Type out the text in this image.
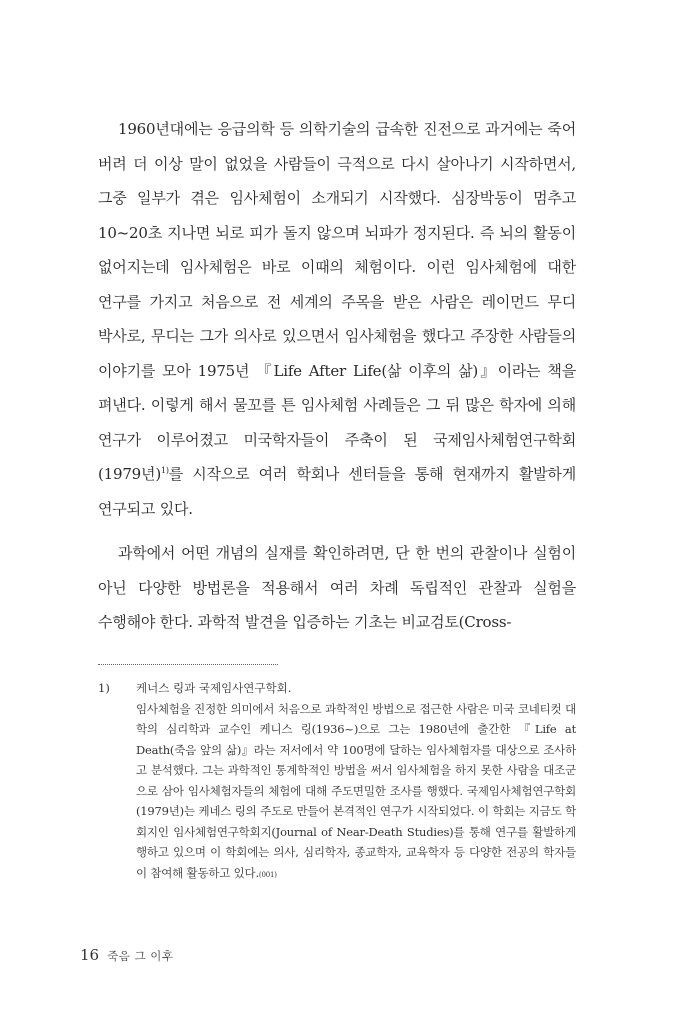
1960년대에는 응급의학 등 의학기술의 급속한 진전으로 과거에는 죽어 버려 더 이상 말이 없었을 사람들이 극적으로 다시 살아나기 시작하면서, 그중 일부가 겪은 임사체험이 소개되기 시작했다. 심장박동이 멈추고 10~20초 지나면 뇌로 피가 돌지 않으며 뇌파가 정지된다. 즉 뇌의 활동이 없어지는데 임사체험은 바로 이때의 체험이다. 이런 임사체험에 대한 연구를 가지고 처음으로 전 세계의 주목을 받은 사람은 레이먼드 무디 박사로, 무디는 그가 의사로 있으면서 임사체험을 했다고 주장한 사람들의 이야기를 모아 1975년 『Life After Life(삶 이후의 삶)』이라는 책을 펴낸다. 이렇게 해서 물꼬를 튼 임사체험 사례들은 그 뒤 많은 학자에 의해 연구가 이루어졌고 미국학자들이 주축이 된 국제임사체험연구학회(1979년)$^{1)}$를 시작으로 여러 학회나 센터들을 통해 현재까지 활발하게 연구되고 있다.

과학에서 어떤 개념의 실재를 확인하려면, 단 한 번의 관찰이나 실험이 아닌 다양한 방법론을 적용해서 여러 차례 독립적인 관찰과 실험을 수행해야 한다. 과학적 발견을 입증하는 기초는 비교검토(Cross-

1)	케너스 링과 국제임사연구학회.
임사체험을 진정한 의미에서 처음으로 과학적인 방법으로 접근한 사람은 미국 코네티컷 대학의 심리학과 교수인 케니스 링(1936~)으로 그는 1980년에 출간한 『Life at Death(죽음 앞의 삶)』라는 저서에서 약 100명에 달하는 임사체험자를 대상으로 조사하고 분석했다. 그는 과학적인 통계학적인 방법을 써서 임사체험을 하지 못한 사람을 대조군으로 삼아 임사체험자들의 체험에 대해 주도면밀한 조사를 행했다. 국제임사체험연구학회(1979년)는 케네스 링의 주도로 만들어 본격적인 연구가 시작되었다. 이 학회는 지금도 학회지인 임사체험연구학회지(Journal of Near-Death Studies)를 통해 연구를 활발하게 행하고 있으며 이 학회에는 의사, 심리학자, 종교학자, 교육학자 등 다양한 전공의 학자들이 참여해 활동하고 있다.(001)
16 죽음 그 이후
